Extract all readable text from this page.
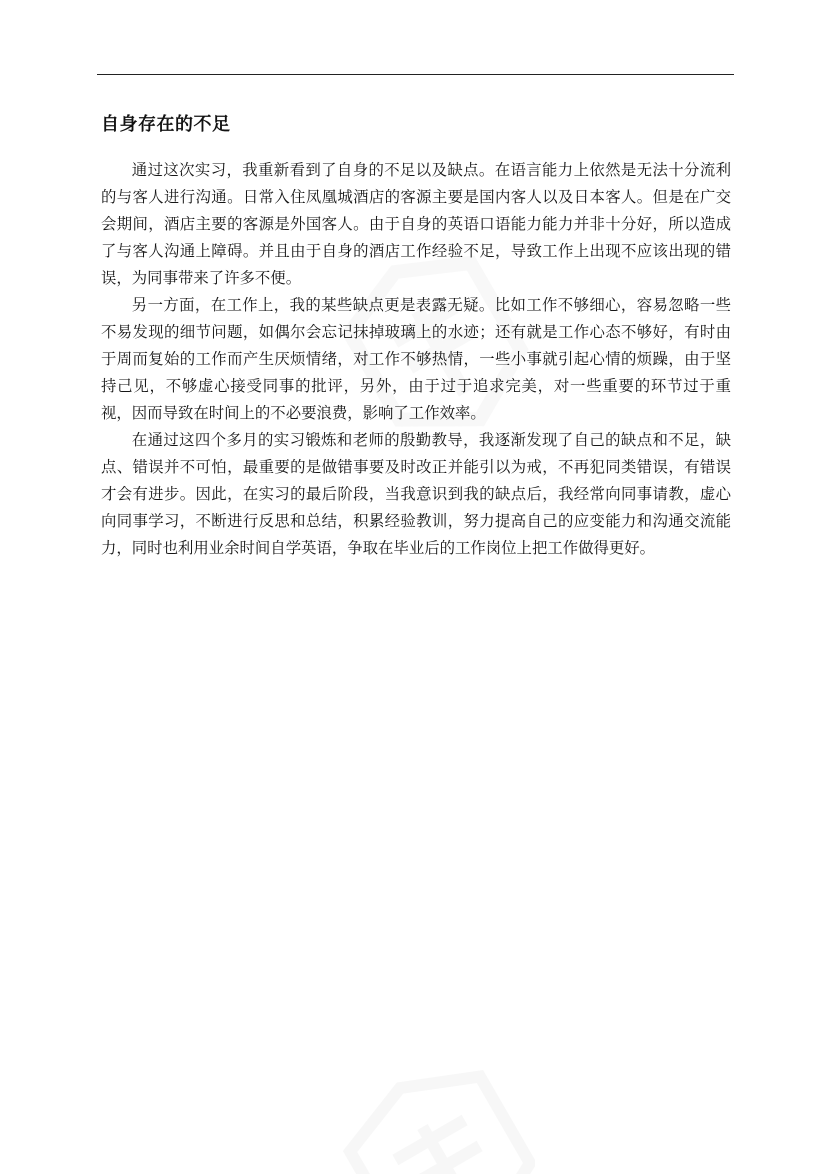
自身存在的不足

通过这次实习，我重新看到了自身的不足以及缺点。在语言能力上依然是无法十分流利的与客人进行沟通。日常入住凤凰城酒店的客源主要是国内客人以及日本客人。但是在广交会期间，酒店主要的客源是外国客人。由于自身的英语口语能力能力并非十分好，所以造成了与客人沟通上障碍。并且由于自身的酒店工作经验不足，导致工作上出现不应该出现的错误，为同事带来了许多不便。

另一方面，在工作上，我的某些缺点更是表露无疑。比如工作不够细心，容易忽略一些不易发现的细节问题，如偶尔会忘记抹掉玻璃上的水迹；还有就是工作心态不够好，有时由于周而复始的工作而产生厌烦情绪，对工作不够热情，一些小事就引起心情的烦躁，由于坚持己见，不够虚心接受同事的批评，另外，由于过于追求完美，对一些重要的环节过于重视，因而导致在时间上的不必要浪费，影响了工作效率。

在通过这四个多月的实习锻炼和老师的殷勤教导，我逐渐发现了自己的缺点和不足，缺点、错误并不可怕，最重要的是做错事要及时改正并能引以为戒，不再犯同类错误，有错误才会有进步。因此，在实习的最后阶段，当我意识到我的缺点后，我经常向同事请教，虚心向同事学习，不断进行反思和总结，积累经验教训，努力提高自己的应变能力和沟通交流能力，同时也利用业余时间自学英语，争取在毕业后的工作岗位上把工作做得更好。
